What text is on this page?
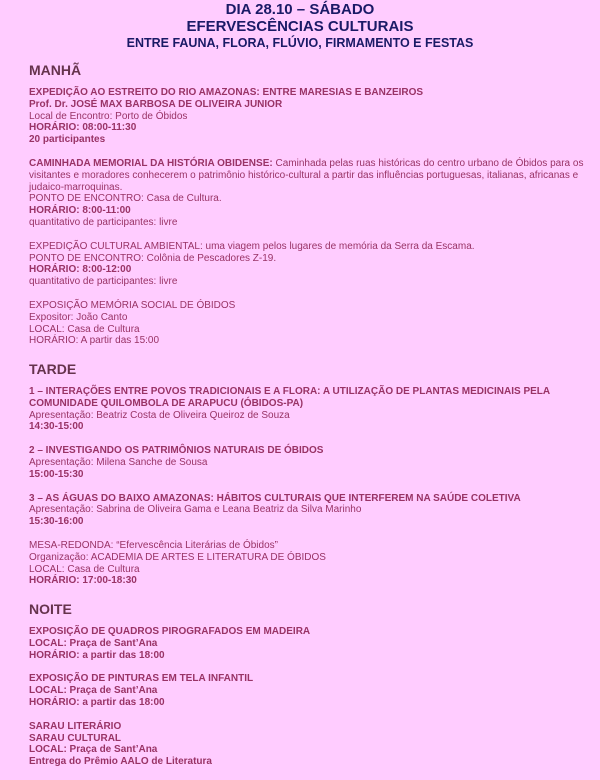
DIA 28.10 – SÁBADO
EFERVESCÊNCIAS CULTURAIS
ENTRE FAUNA, FLORA, FLÚVIO, FIRMAMENTO E FESTAS
MANHÃ
EXPEDIÇÃO AO ESTREITO DO RIO AMAZONAS: ENTRE MARESIAS E BANZEIROS
Prof. Dr. JOSÉ MAX BARBOSA DE OLIVEIRA JUNIOR
Local de Encontro: Porto de Óbidos
HORÁRIO: 08:00-11:30
20 participantes
CAMINHADA MEMORIAL DA HISTÓRIA OBIDENSE: Caminhada pelas ruas históricas do centro urbano de Óbidos para os visitantes e moradores conhecerem o patrimônio histórico-cultural a partir das influências portuguesas, italianas, africanas e judaico-marroquinas.
PONTO DE ENCONTRO: Casa de Cultura.
HORÁRIO: 8:00-11:00
quantitativo de participantes: livre
EXPEDIÇÃO CULTURAL AMBIENTAL: uma viagem pelos lugares de memória da Serra da Escama.
PONTO DE ENCONTRO: Colônia de Pescadores Z-19.
HORÁRIO: 8:00-12:00
quantitativo de participantes: livre
EXPOSIÇÃO MEMÓRIA SOCIAL DE ÓBIDOS
Expositor: João Canto
LOCAL: Casa de Cultura
HORÁRIO: A partir das 15:00
TARDE
1 – INTERAÇÕES ENTRE POVOS TRADICIONAIS E A FLORA: A UTILIZAÇÃO DE PLANTAS MEDICINAIS PELA COMUNIDADE QUILOMBOLA DE ARAPUCU (ÓBIDOS-PA)
Apresentação: Beatriz Costa de Oliveira Queiroz de Souza
14:30-15:00
2 – INVESTIGANDO OS PATRIMÔNIOS NATURAIS DE ÓBIDOS
Apresentação: Milena Sanche de Sousa
15:00-15:30
3 – AS ÁGUAS DO BAIXO AMAZONAS: HÁBITOS CULTURAIS QUE INTERFEREM NA SAÚDE COLETIVA
Apresentação: Sabrina de Oliveira Gama e Leana Beatriz da Silva Marinho
15:30-16:00
MESA-REDONDA: “Efervescência Literárias de Óbidos”
Organização: ACADEMIA DE ARTES E LITERATURA DE ÓBIDOS
LOCAL: Casa de Cultura
HORÁRIO: 17:00-18:30
NOITE
EXPOSIÇÃO DE QUADROS PIROGRAFADOS EM MADEIRA
LOCAL: Praça de Sant’Ana
HORÁRIO: a partir das 18:00
EXPOSIÇÃO DE PINTURAS EM TELA INFANTIL
LOCAL: Praça de Sant’Ana
HORÁRIO: a partir das 18:00
SARAU LITERÁRIO
SARAU CULTURAL
LOCAL: Praça de Sant’Ana
Entrega do Prêmio AALO de Literatura
